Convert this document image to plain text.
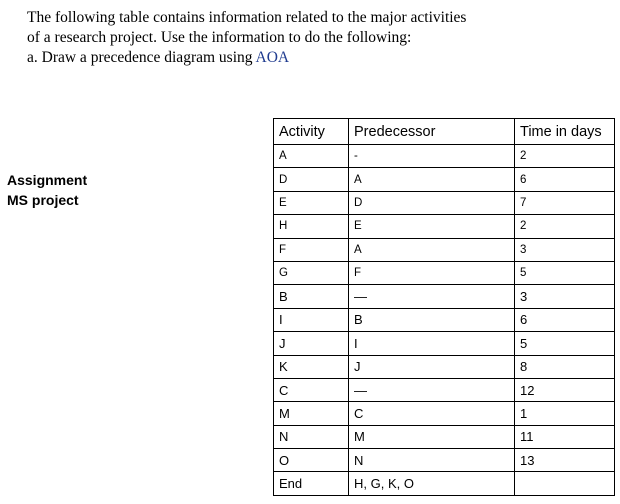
The following table contains information related to the major activities
of a research project. Use the information to do the following:
a. Draw a precedence diagram using AOA
Assignment
MS project
Activity	Predecessor	Time in days
A	-	2
D	A	6
E	D	7
H	E	2
F	A	3
G	F	5
B	—	3
I	B	6
J	I	5
K	J	8
C	—	12
M	C	1
N	M	11
O	N	13
End	H, G, K, O	
